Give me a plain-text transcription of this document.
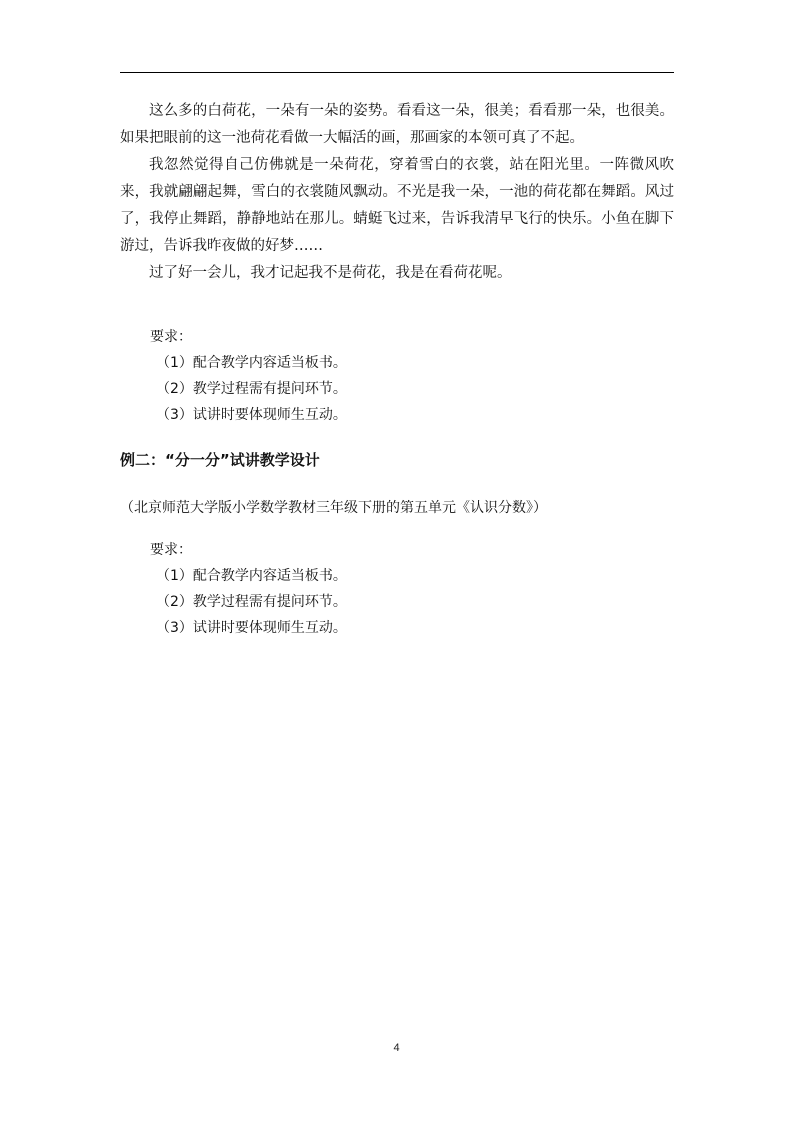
这么多的白荷花，一朵有一朵的姿势。看看这一朵，很美；看看那一朵，也很美。如果把眼前的这一池荷花看做一大幅活的画，那画家的本领可真了不起。

我忽然觉得自己仿佛就是一朵荷花，穿着雪白的衣裳，站在阳光里。一阵微风吹来，我就翩翩起舞，雪白的衣裳随风飘动。不光是我一朵，一池的荷花都在舞蹈。风过了，我停止舞蹈，静静地站在那儿。蜻蜓飞过来，告诉我清早飞行的快乐。小鱼在脚下游过，告诉我昨夜做的好梦……

过了好一会儿，我才记起我不是荷花，我是在看荷花呢。

要求：

（1）配合教学内容适当板书。

（2）教学过程需有提问环节。

（3）试讲时要体现师生互动。

例二：“分一分”试讲教学设计

（北京师范大学版小学数学教材三年级下册的第五单元《认识分数》）

要求：

（1）配合教学内容适当板书。

（2）教学过程需有提问环节。

（3）试讲时要体现师生互动。

4
